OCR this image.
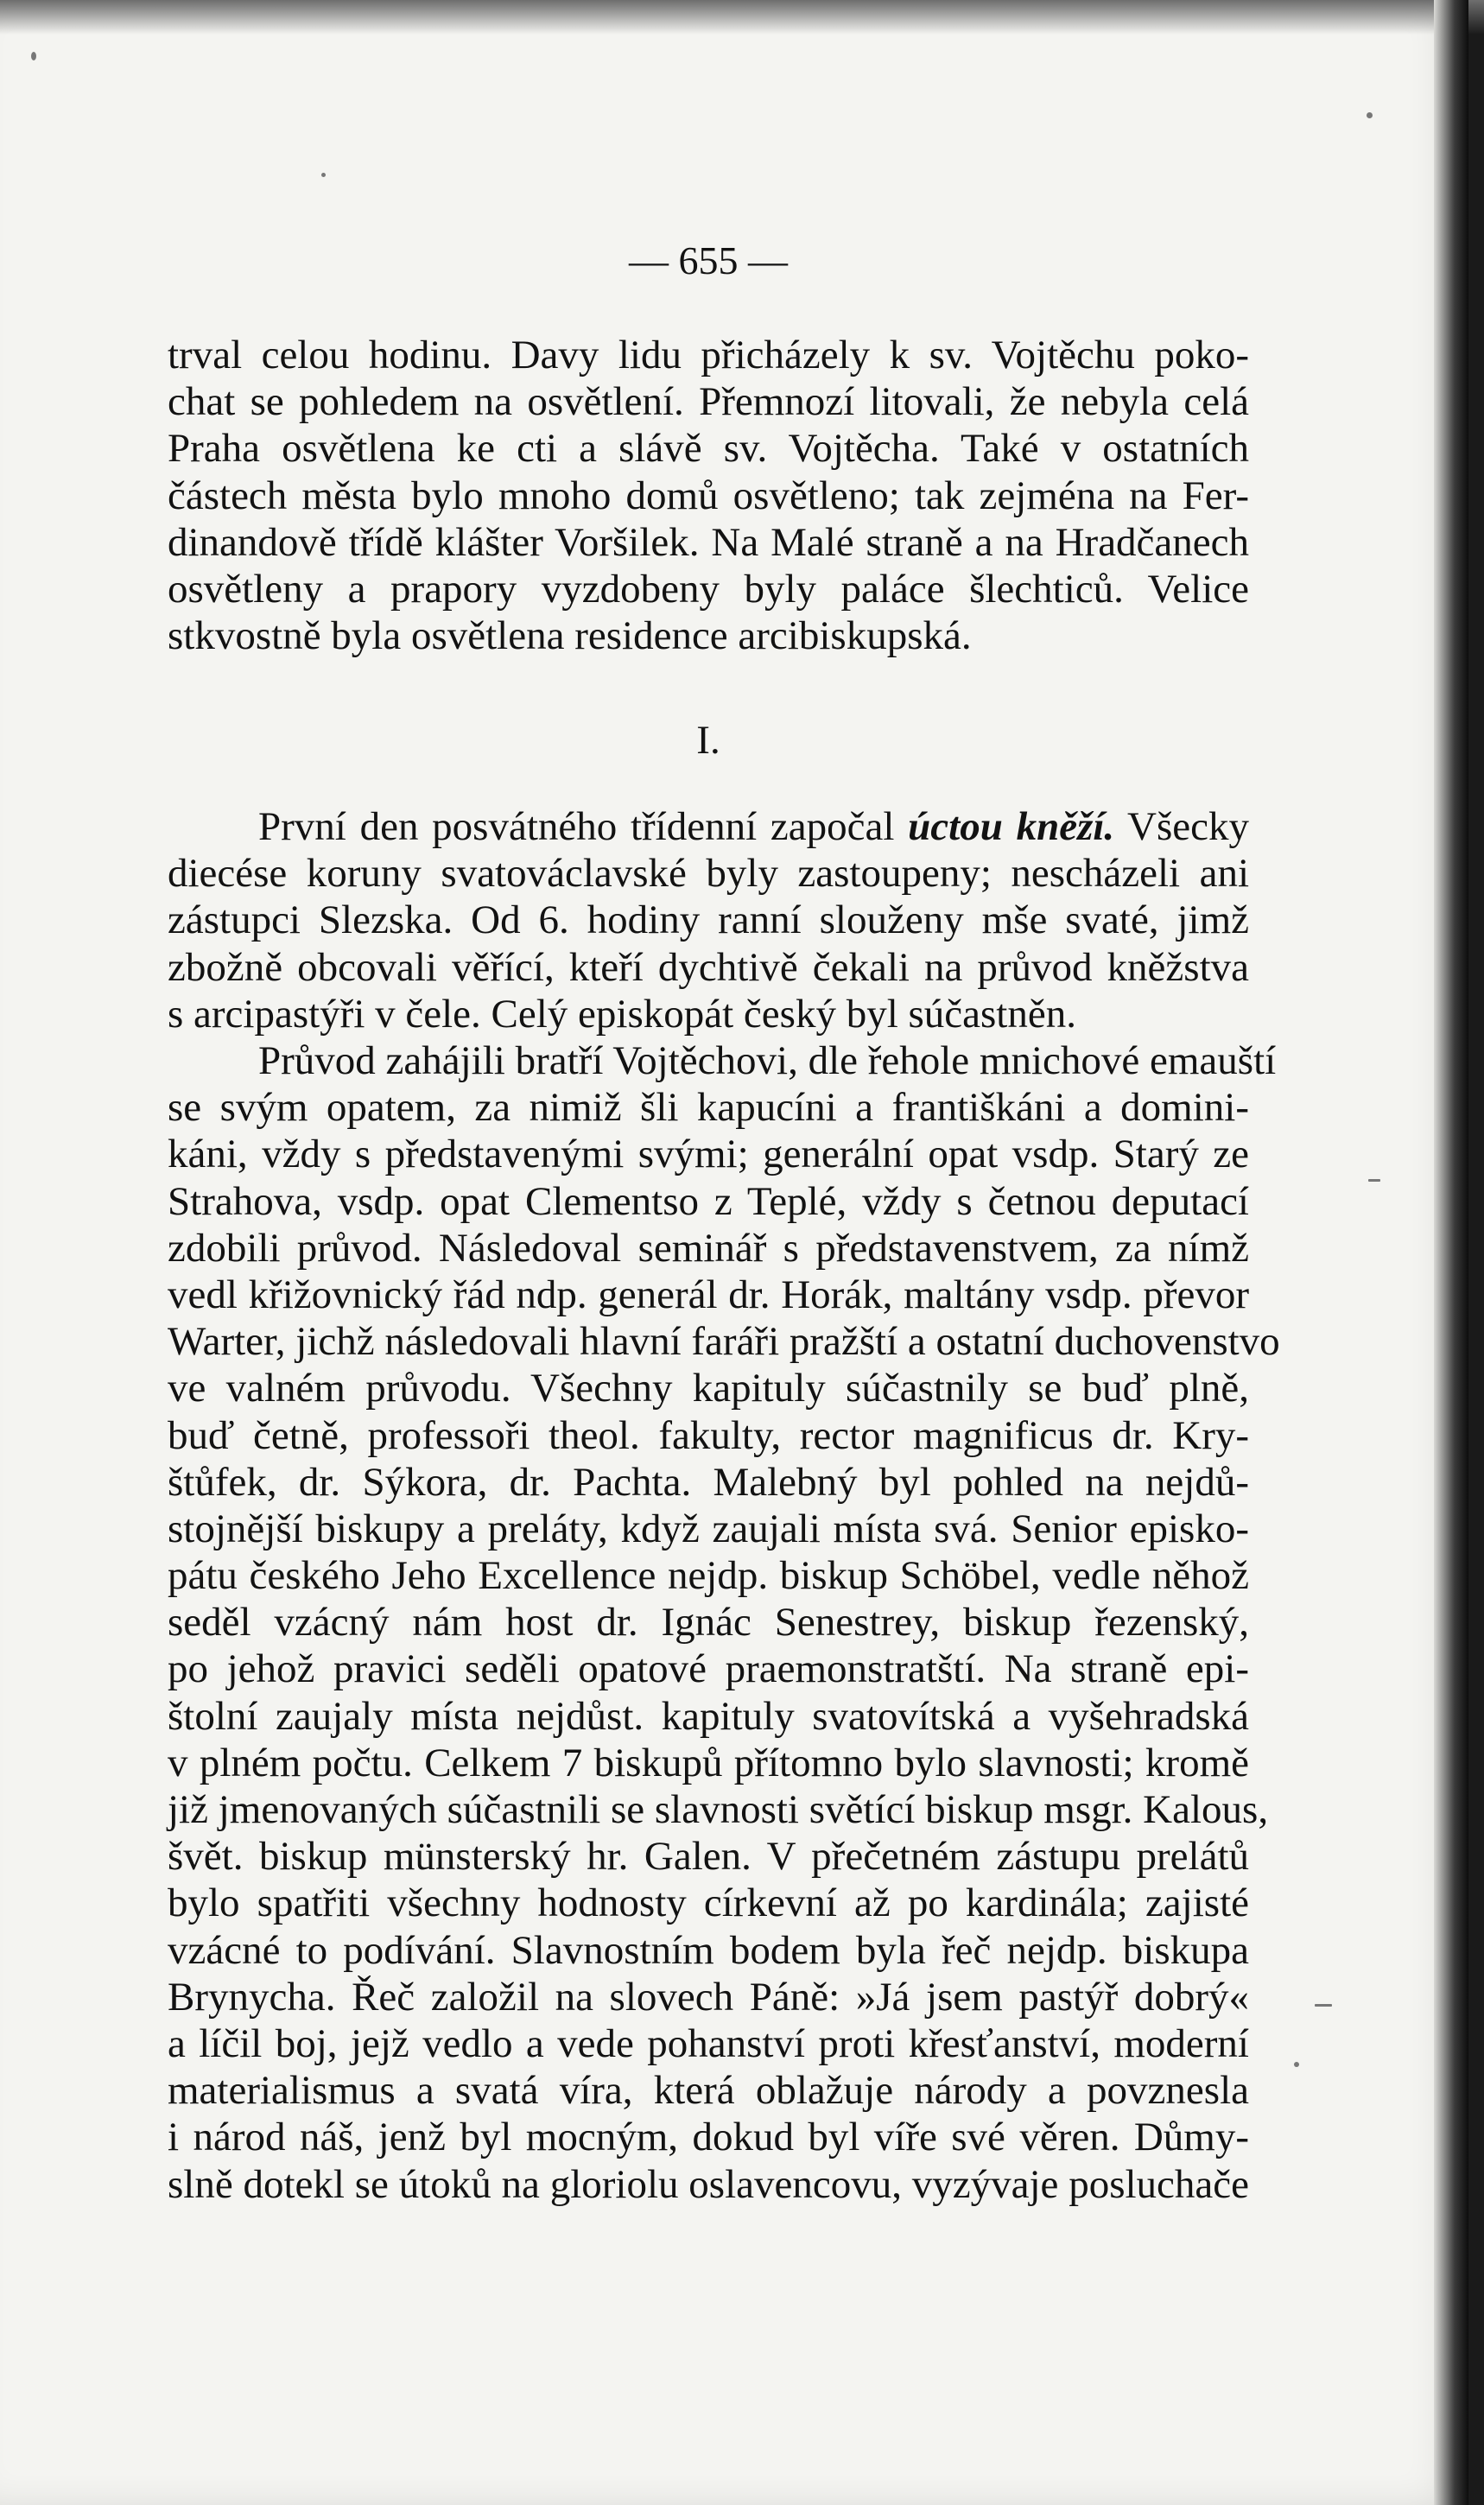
— 655 —
trval celou hodinu. Davy lidu přicházely k sv. Vojtěchu poko-
chat se pohledem na osvětlení. Přemnozí litovali, že nebyla celá
Praha osvětlena ke cti a slávě sv. Vojtěcha. Také v ostatních
částech města bylo mnoho domů osvětleno; tak zejména na Fer-
dinandově třídě klášter Voršilek. Na Malé straně a na Hradčanech
osvětleny a prapory vyzdobeny byly paláce šlechticů. Velice
stkvostně byla osvětlena residence arcibiskupská.
I.
První den posvátného třídenní započal úctou kněží. Všecky
diecése koruny svatováclavské byly zastoupeny; nescházeli ani
zástupci Slezska. Od 6. hodiny ranní slouženy mše svaté, jimž
zbožně obcovali věřící, kteří dychtivě čekali na průvod kněžstva
s arcipastýři v čele. Celý episkopát český byl súčastněn.
Průvod zahájili bratří Vojtěchovi, dle řehole mnichové emauští
se svým opatem, za nimiž šli kapucíni a františkáni a domini-
káni, vždy s představenými svými; generální opat vsdp. Starý ze
Strahova, vsdp. opat Clementso z Teplé, vždy s četnou deputací
zdobili průvod. Následoval seminář s představenstvem, za nímž
vedl křižovnický řád ndp. generál dr. Horák, maltány vsdp. převor
Warter, jichž následovali hlavní faráři pražští a ostatní duchovenstvo
ve valném průvodu. Všechny kapituly súčastnily se buď plně,
buď četně, professoři theol. fakulty, rector magnificus dr. Kry-
štůfek, dr. Sýkora, dr. Pachta. Malebný byl pohled na nejdů-
stojnější biskupy a preláty, když zaujali místa svá. Senior episko-
pátu českého Jeho Excellence nejdp. biskup Schöbel, vedle něhož
seděl vzácný nám host dr. Ignác Senestrey, biskup řezenský,
po jehož pravici seděli opatové praemonstratští. Na straně epi-
štolní zaujaly místa nejdůst. kapituly svatovítská a vyšehradská
v plném počtu. Celkem 7 biskupů přítomno bylo slavnosti; kromě
již jmenovaných súčastnili se slavnosti světící biskup msgr. Kalous,
švět. biskup münsterský hr. Galen. V přečetném zástupu prelátů
bylo spatřiti všechny hodnosty církevní až po kardinála; zajisté
vzácné to podívání. Slavnostním bodem byla řeč nejdp. biskupa
Brynycha. Řeč založil na slovech Páně: »Já jsem pastýř dobrý«
a líčil boj, jejž vedlo a vede pohanství proti křesťanství, moderní
materialismus a svatá víra, která oblažuje národy a povznesla
i národ náš, jenž byl mocným, dokud byl víře své věren. Důmy-
slně dotekl se útoků na gloriolu oslavencovu, vyzývaje posluchače
